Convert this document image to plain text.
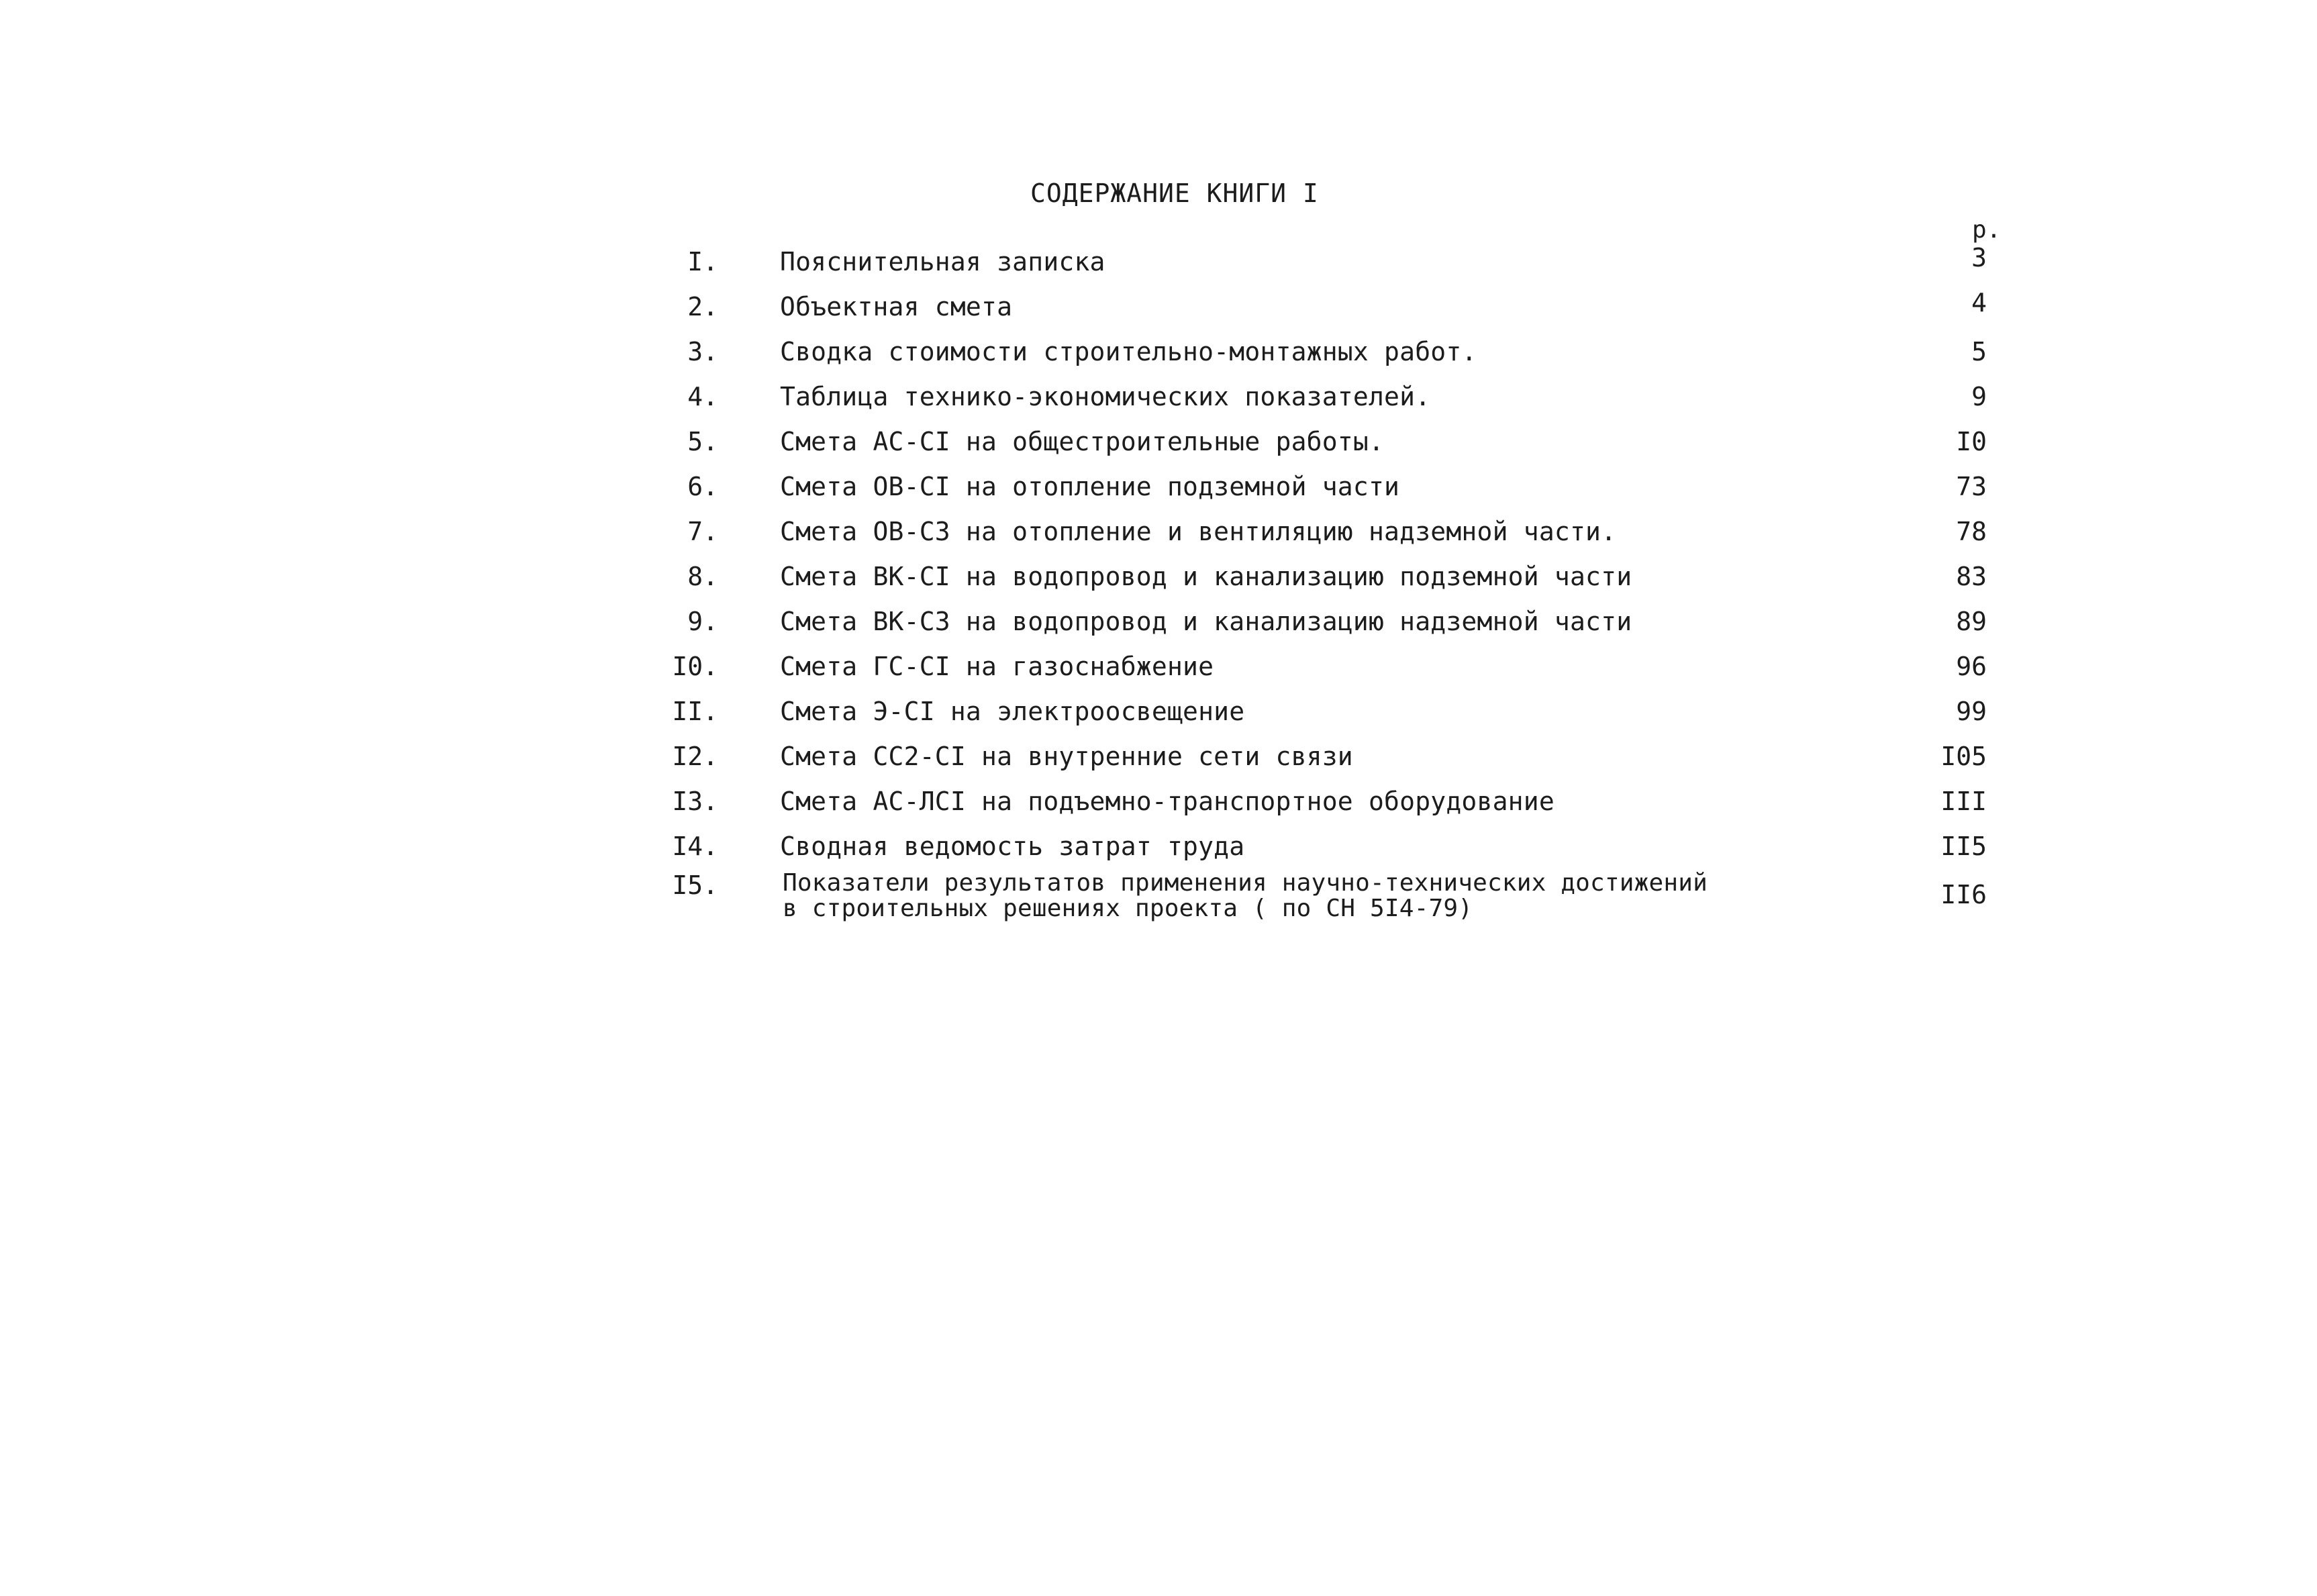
СОДЕРЖАНИЕ КНИГИ I
р.
I. Пояснительная записка	3
2. Объектная смета	4
3. Сводка стоимости строительно-монтажных работ.	5
4. Таблица технико-экономических показателей.	9
5. Смета АС-CI на общестроительные работы.	I0
6. Смета ОВ-CI на отопление подземной части	73
7. Смета ОВ-СЗ на отопление и вентиляцию надземной части.	78
8. Смета ВК-CI на водопровод и канализацию подземной части	83
9. Смета ВК-СЗ на водопровод и канализацию надземной части	89
I0. Смета ГС-CI на газоснабжение	96
II. Смета Э-CI на электроосвещение	99
I2. Смета СС2-CI на внутренние сети связи	I05
I3. Смета АС-ЛСI на подъемно-транспортное оборудование	III
I4. Сводная ведомость затрат труда	II5
I5.	Показатели результатов применения научно-технических достижений
в строительных решениях проекта ( по СН 5I4-79)	II6
